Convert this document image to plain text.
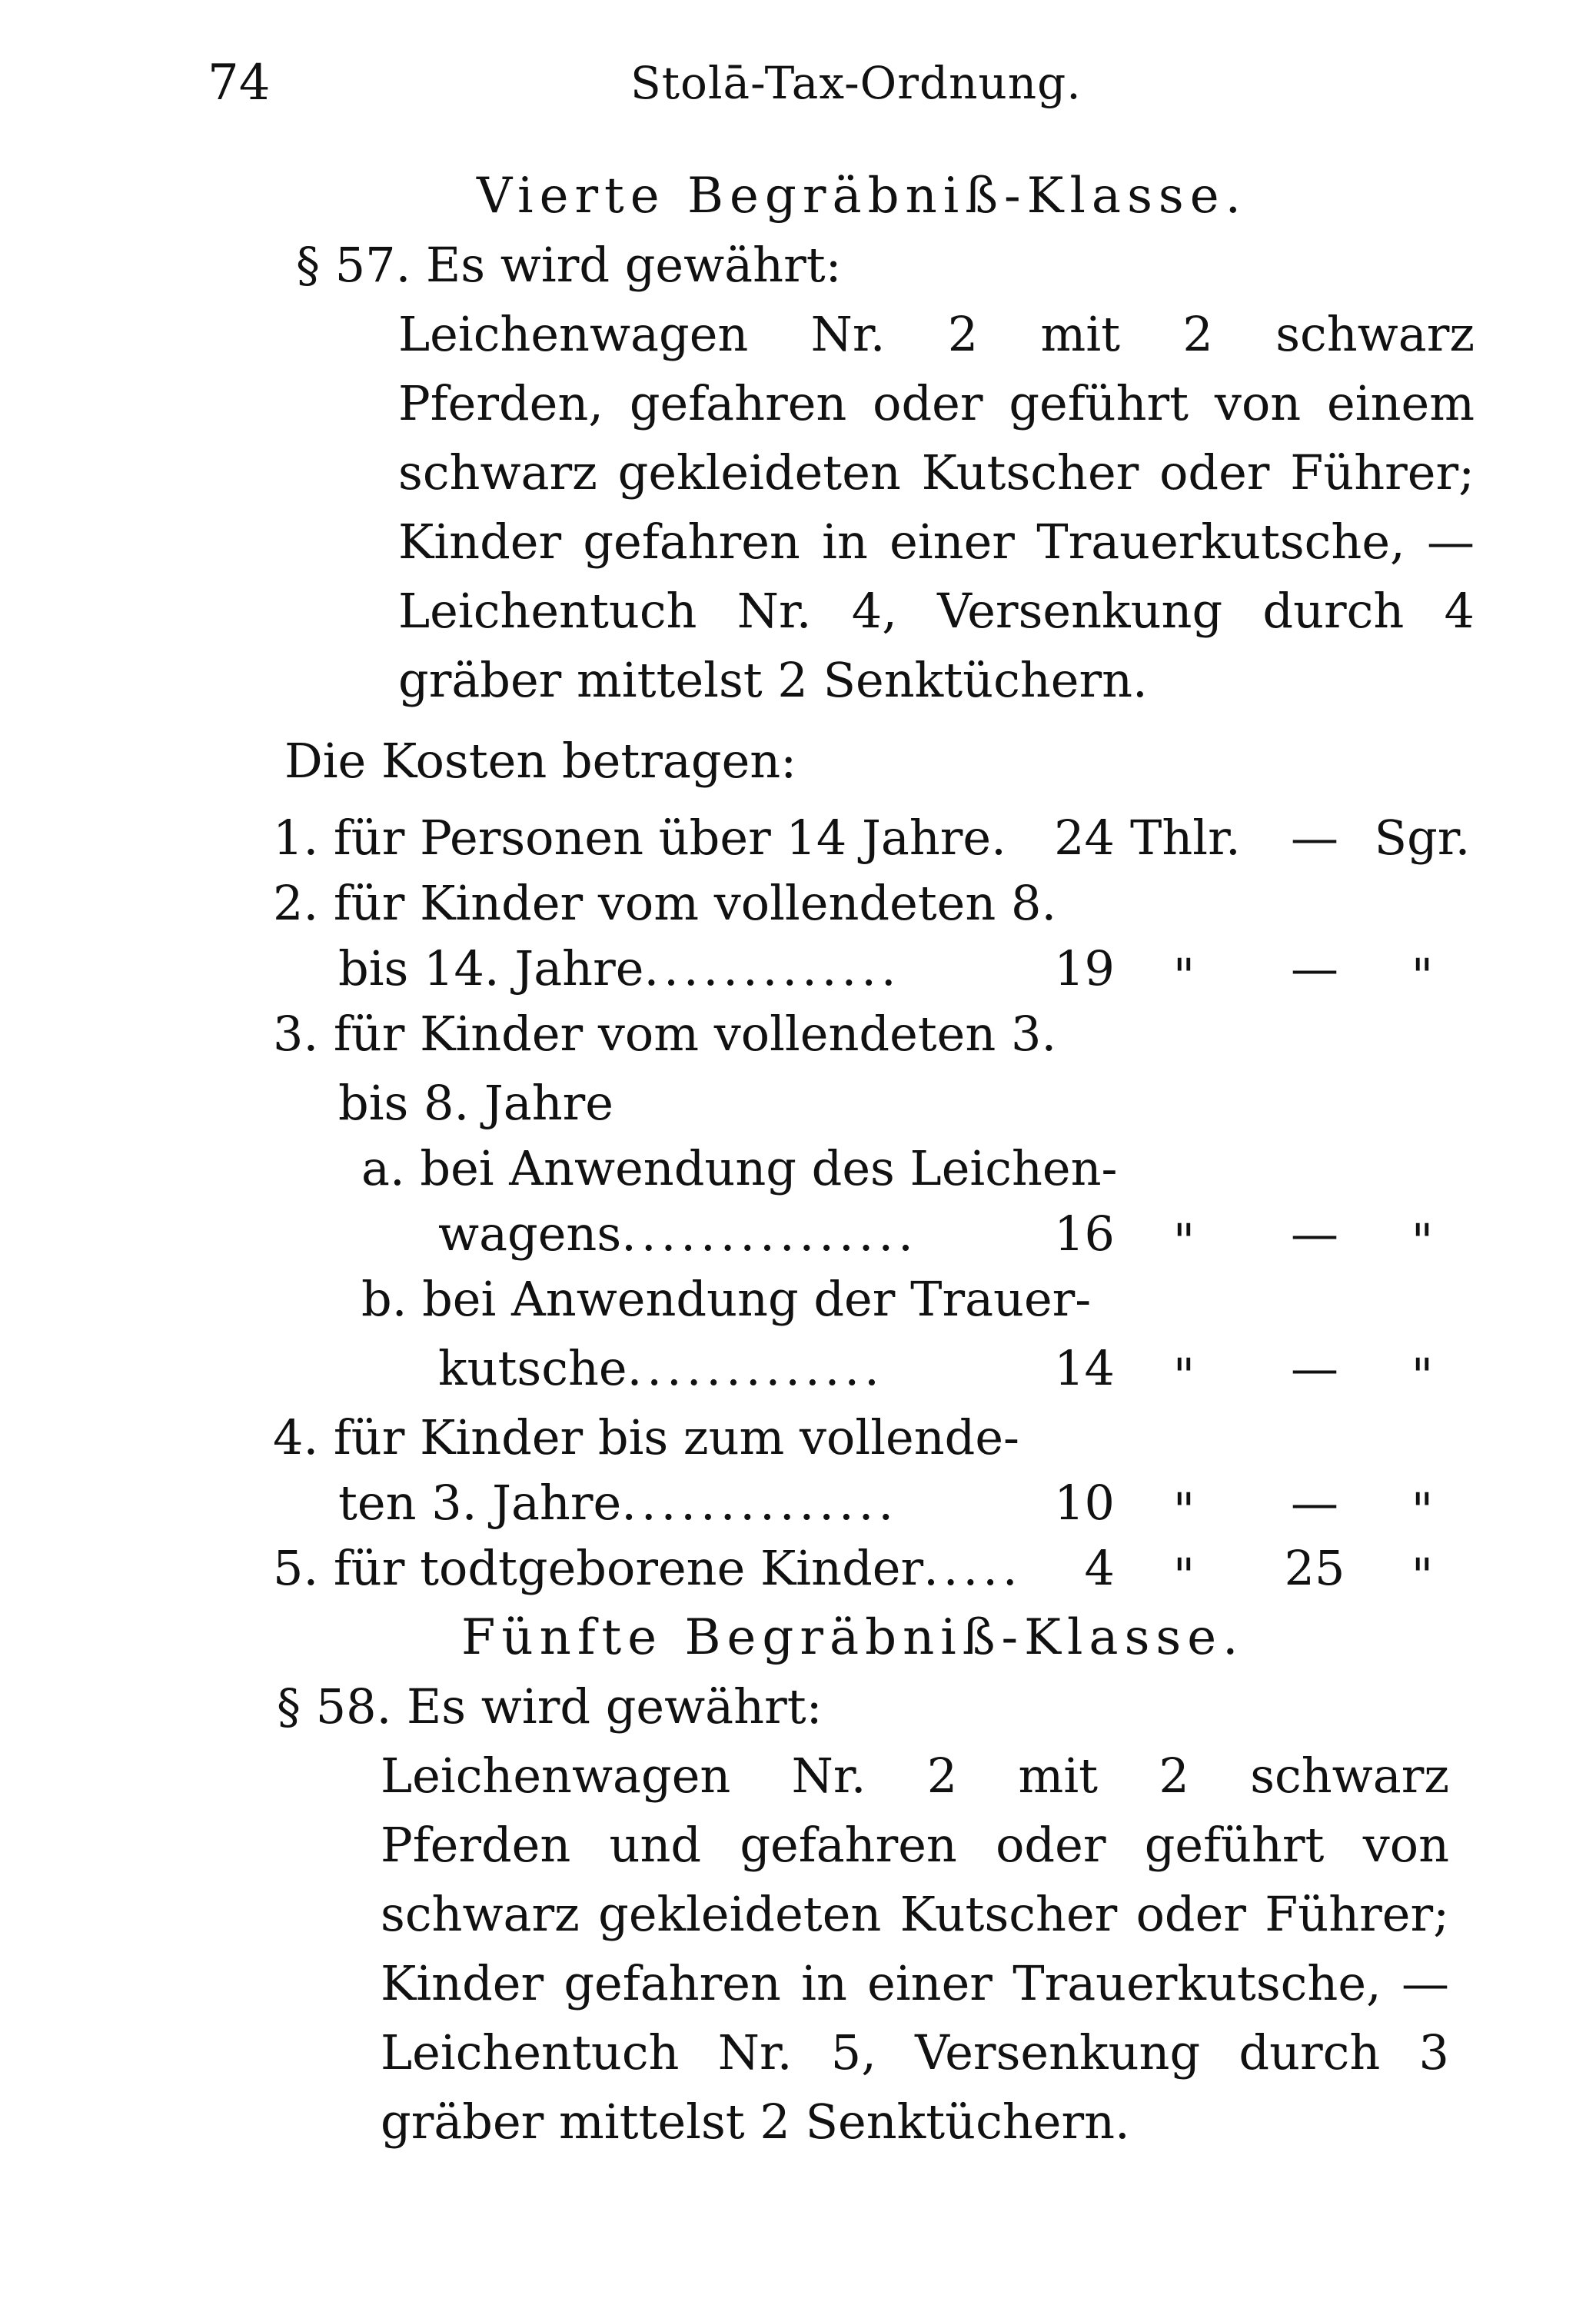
74	Stolā-Tax-Ordnung.
Vierte Begräbniß-Klasse.
§ 57. Es wird gewährt:
Leichenwagen Nr. 2 mit 2 schwarz
Pferden, gefahren oder geführt von einem
schwarz gekleideten Kutscher oder Führer;
Kinder gefahren in einer Trauerkutsche, —
Leichentuch Nr. 4, Versenkung durch 4
gräber mittelst 2 Senktüchern.
Die Kosten betragen:
1. für Personen über 14 Jahre.	24 Thlr.	— Sgr.
2. für Kinder vom vollendeten 8.
bis 14. Jahre.............	19	"	—	"
3. für Kinder vom vollendeten 3.
bis 8. Jahre
a. bei Anwendung des Leichen-
wagens...............	16	"	—	"
b. bei Anwendung der Trauer-
kutsche.............	14	"	—	"
4. für Kinder bis zum vollende-
ten 3. Jahre..............	10	"	—	"
5. für todtgeborene Kinder.....	4	"	25	"
Fünfte Begräbniß-Klasse.
§ 58. Es wird gewährt:
Leichenwagen Nr. 2 mit 2 schwarz
Pferden und gefahren oder geführt von
schwarz gekleideten Kutscher oder Führer;
Kinder gefahren in einer Trauerkutsche, —
Leichentuch Nr. 5, Versenkung durch 3
gräber mittelst 2 Senktüchern.
